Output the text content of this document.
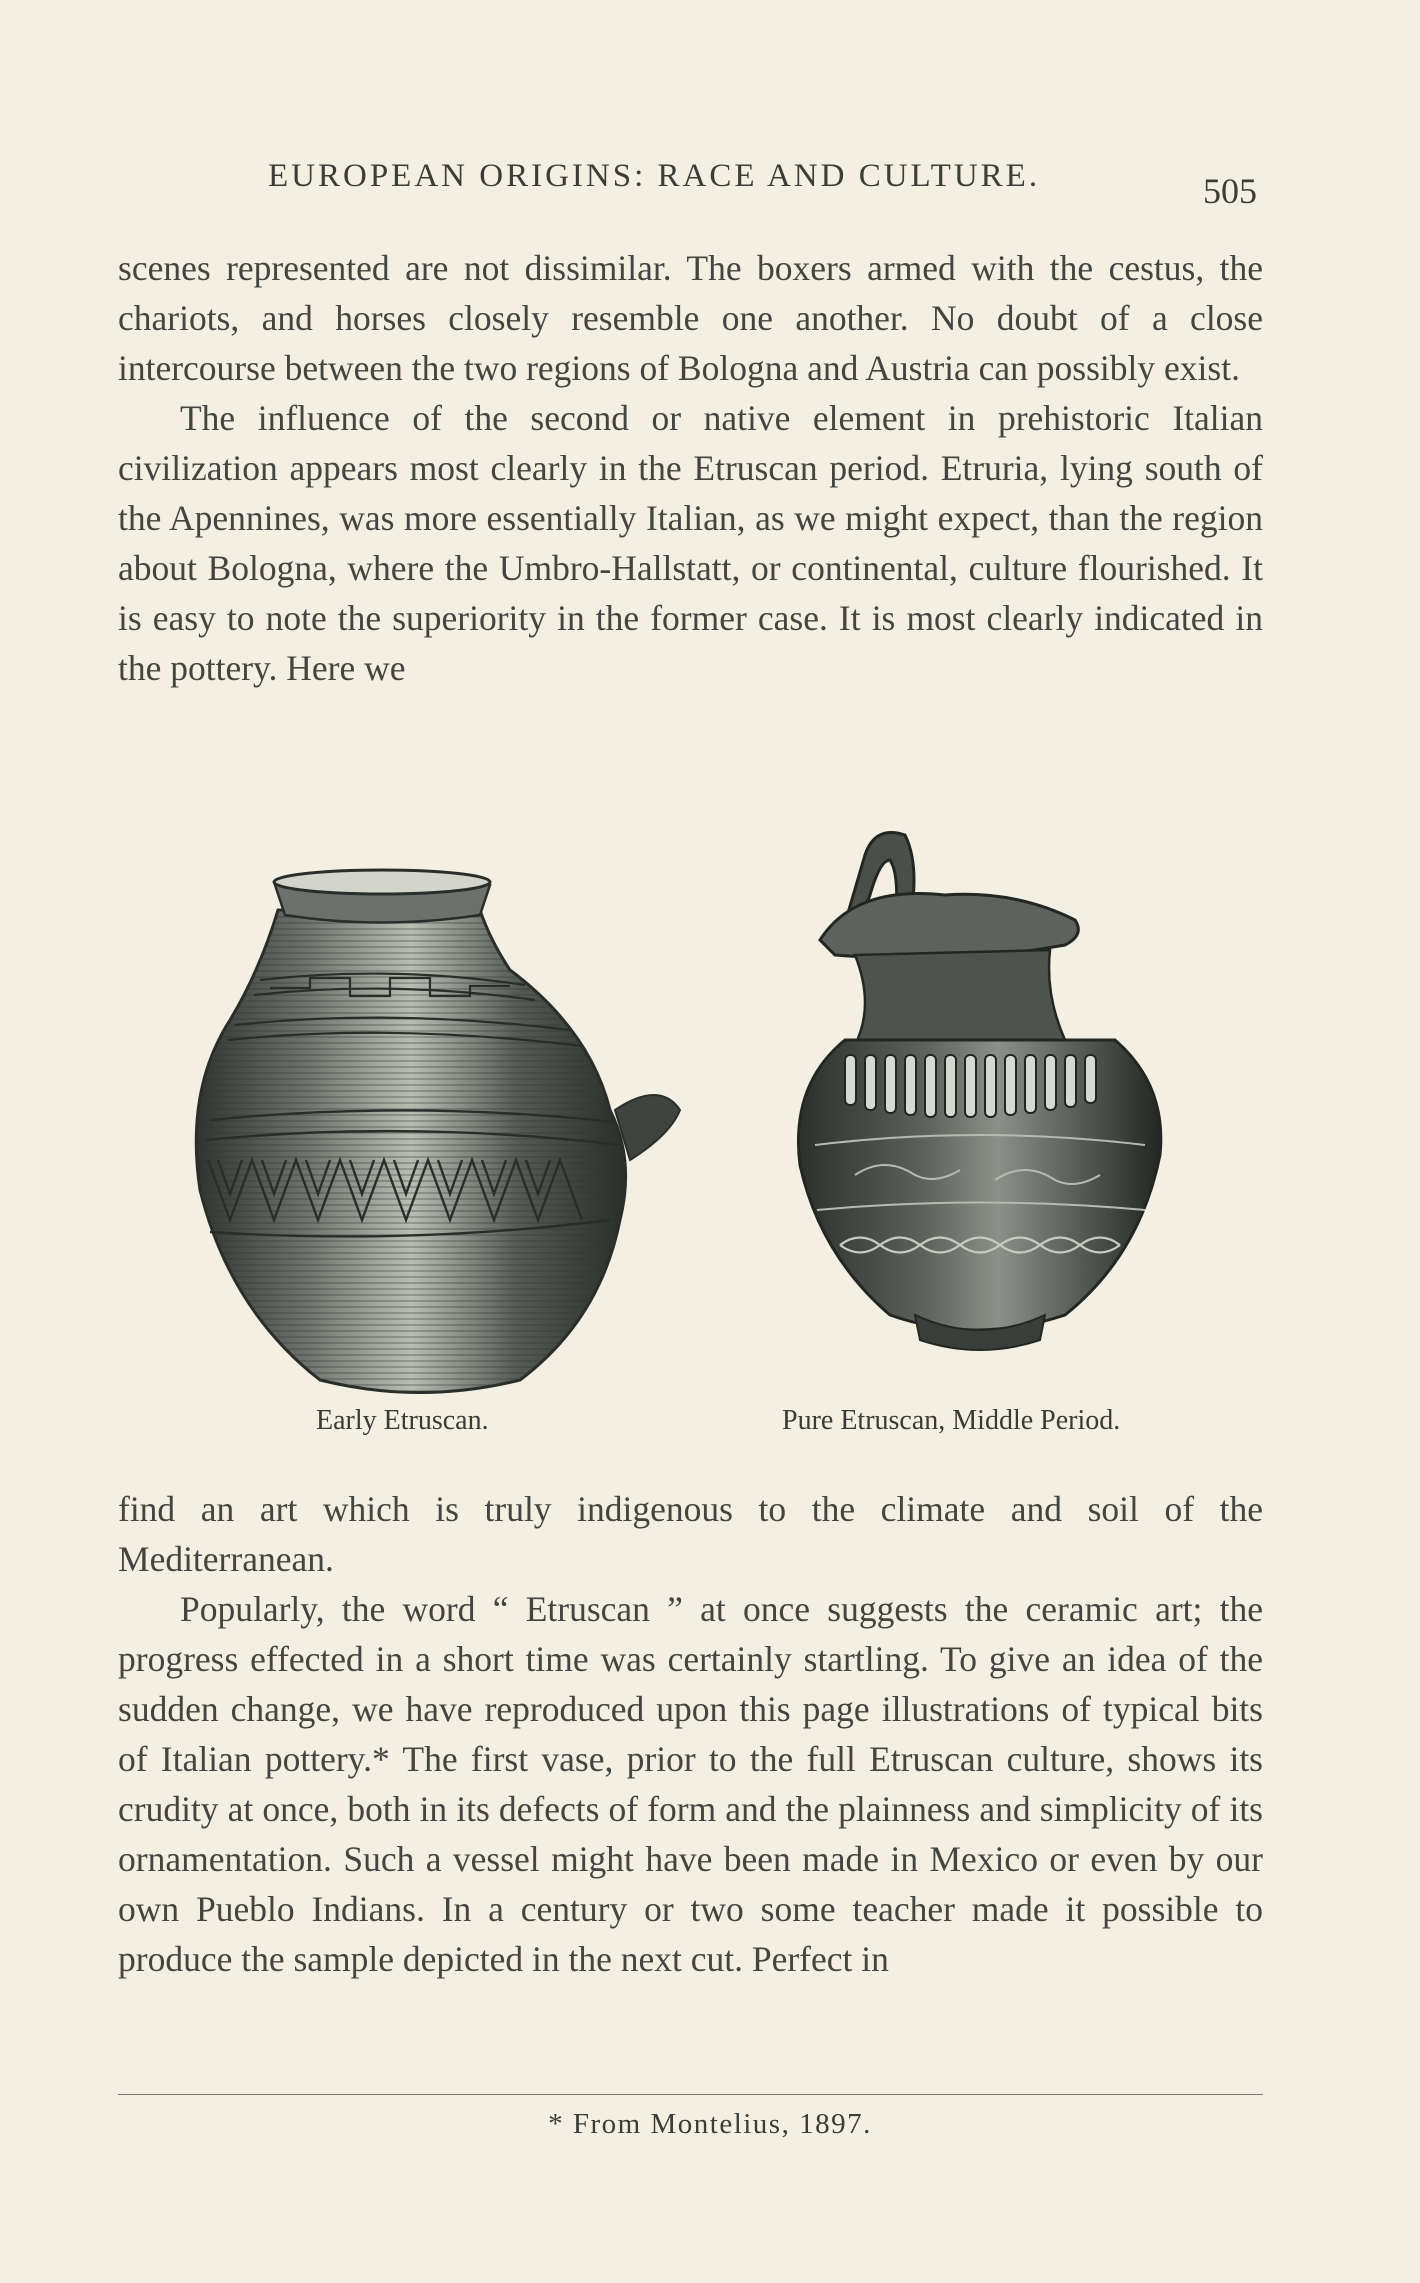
EUROPEAN ORIGINS: RACE AND CULTURE.	505

scenes represented are not dissimilar. The boxers armed with the cestus, the chariots, and horses closely resemble one another. No doubt of a close intercourse between the two regions of Bologna and Austria can possibly exist.

The influence of the second or native element in prehistoric Italian civilization appears most clearly in the Etruscan period. Etruria, lying south of the Apennines, was more essentially Italian, as we might expect, than the region about Bologna, where the Umbro-Hallstatt, or continental, culture flourished. It is easy to note the superiority in the former case. It is most clearly indicated in the pottery. Here we

Early Etruscan.	Pure Etruscan, Middle Period.

find an art which is truly indigenous to the climate and soil of the Mediterranean.

Popularly, the word “ Etruscan ” at once suggests the ceramic art; the progress effected in a short time was certainly startling. To give an idea of the sudden change, we have reproduced upon this page illustrations of typical bits of Italian pottery.* The first vase, prior to the full Etruscan culture, shows its crudity at once, both in its defects of form and the plainness and simplicity of its ornamentation. Such a vessel might have been made in Mexico or even by our own Pueblo Indians. In a century or two some teacher made it possible to produce the sample depicted in the next cut. Perfect in

* From Montelius, 1897.
